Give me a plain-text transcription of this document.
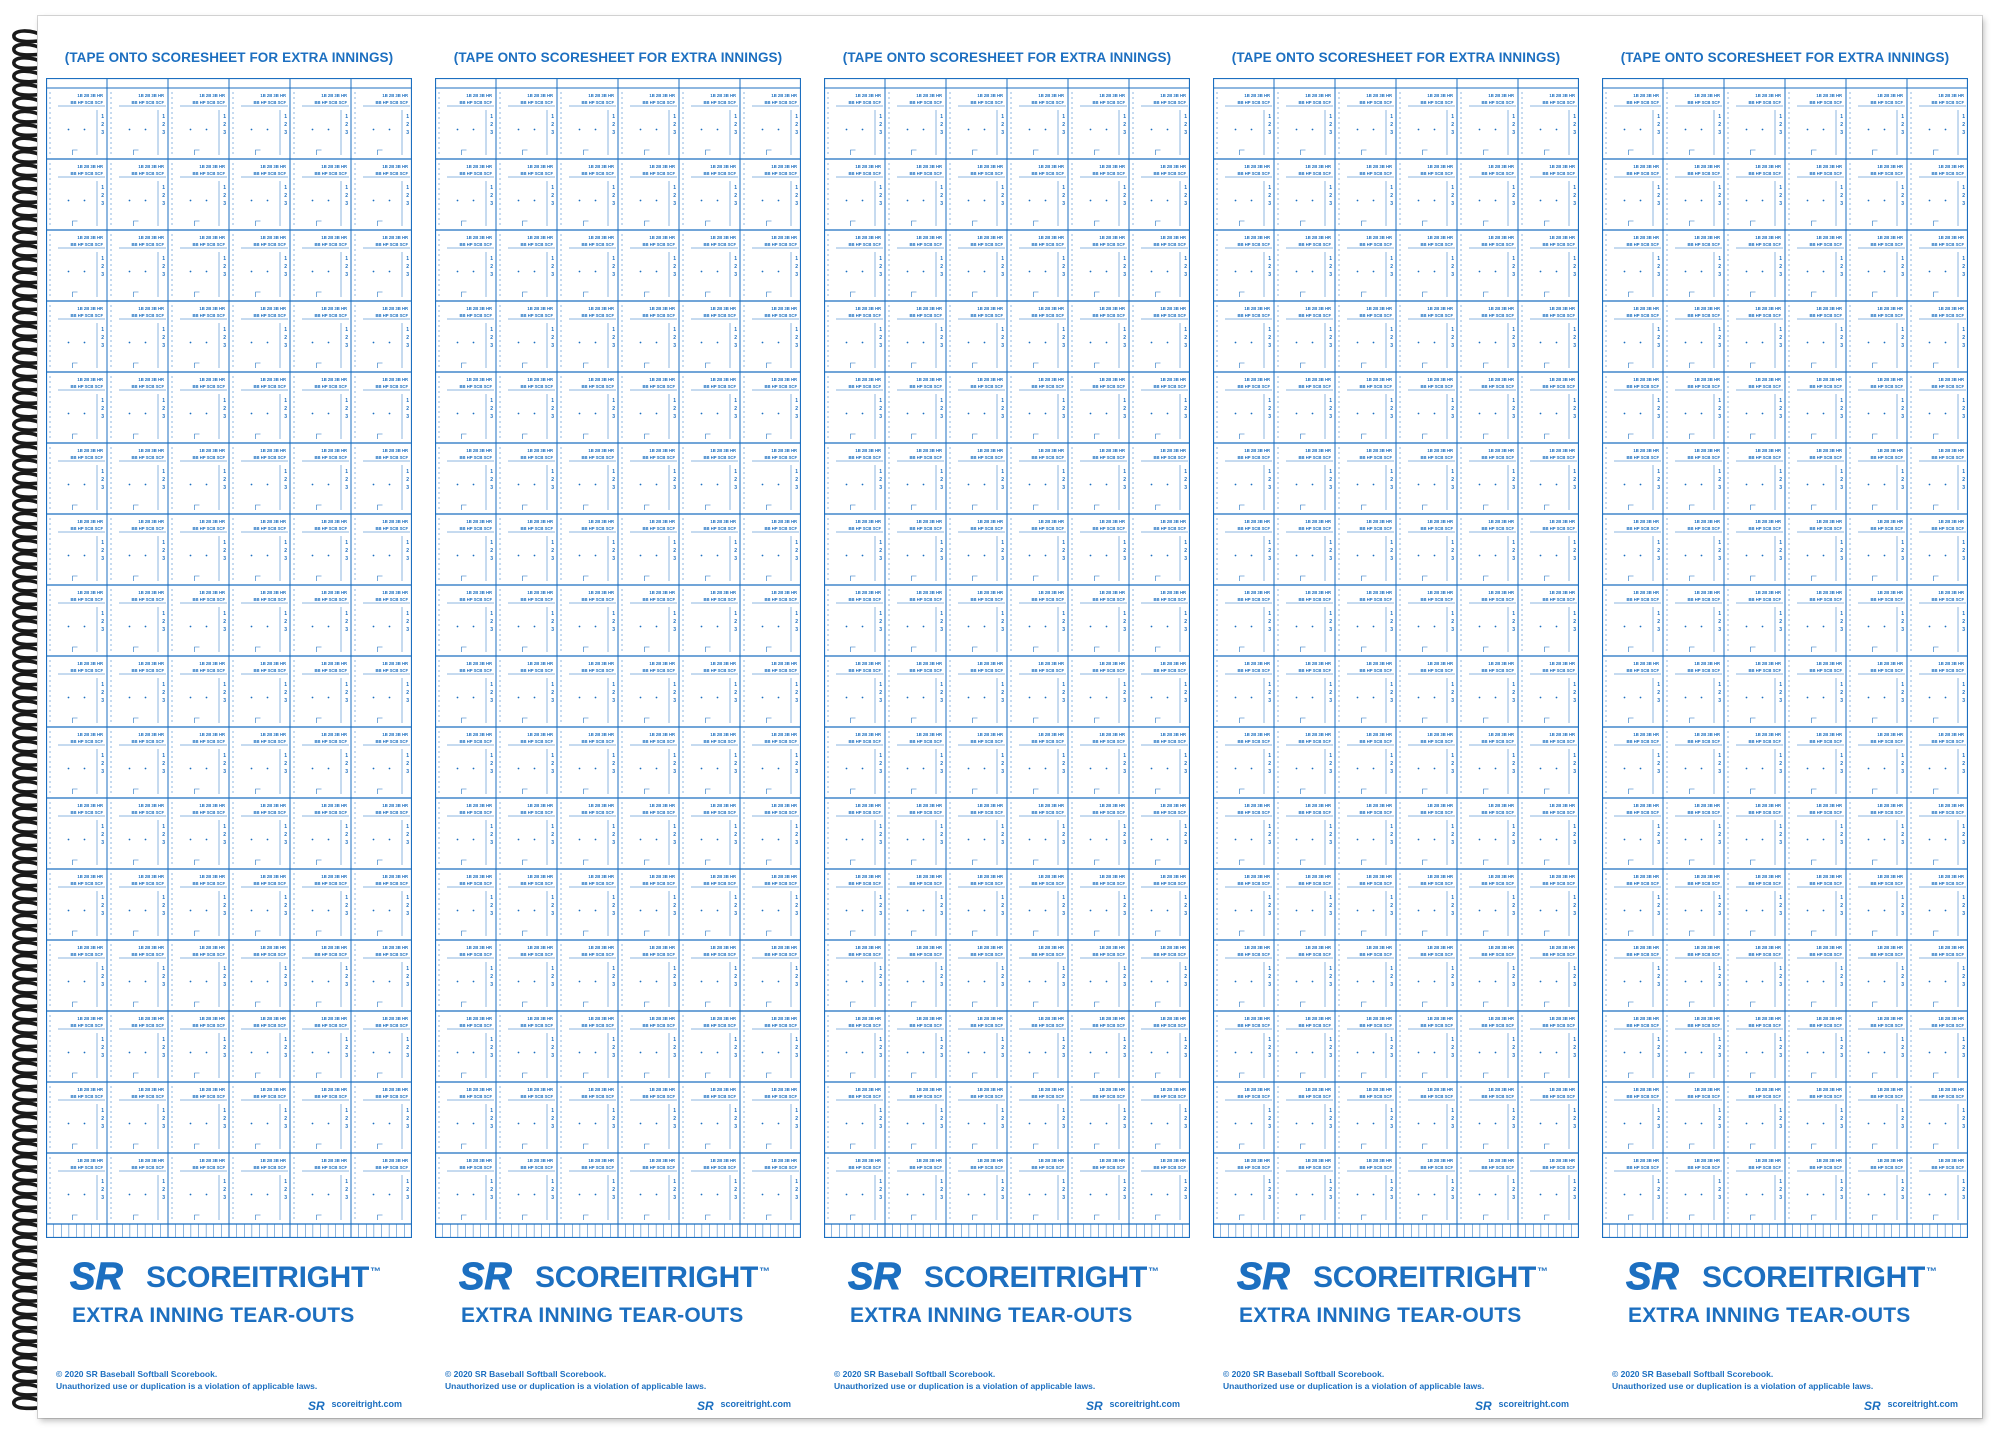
(TAPE ONTO SCORESHEET FOR EXTRA INNINGS)
1B 2B 3B HR
BB HP SCB SCF
1
2
3
1B 2B 3B HR
BB HP SCB SCF
1
2
3
1B 2B 3B HR
BB HP SCB SCF
1
2
3
1B 2B 3B HR
BB HP SCB SCF
1
2
3
1B 2B 3B HR
BB HP SCB SCF
1
2
3
1B 2B 3B HR
BB HP SCB SCF
1
2
3
1B 2B 3B HR
BB HP SCB SCF
1
2
3
1B 2B 3B HR
BB HP SCB SCF
1
2
3
1B 2B 3B HR
BB HP SCB SCF
1
2
3
1B 2B 3B HR
BB HP SCB SCF
1
2
3
1B 2B 3B HR
BB HP SCB SCF
1
2
3
1B 2B 3B HR
BB HP SCB SCF
1
2
3
1B 2B 3B HR
BB HP SCB SCF
1
2
3
1B 2B 3B HR
BB HP SCB SCF
1
2
3
1B 2B 3B HR
BB HP SCB SCF
1
2
3
1B 2B 3B HR
BB HP SCB SCF
1
2
3
1B 2B 3B HR
BB HP SCB SCF
1
2
3
1B 2B 3B HR
BB HP SCB SCF
1
2
3
1B 2B 3B HR
BB HP SCB SCF
1
2
3
1B 2B 3B HR
BB HP SCB SCF
1
2
3
1B 2B 3B HR
BB HP SCB SCF
1
2
3
1B 2B 3B HR
BB HP SCB SCF
1
2
3
1B 2B 3B HR
BB HP SCB SCF
1
2
3
1B 2B 3B HR
BB HP SCB SCF
1
2
3
1B 2B 3B HR
BB HP SCB SCF
1
2
3
1B 2B 3B HR
BB HP SCB SCF
1
2
3
1B 2B 3B HR
BB HP SCB SCF
1
2
3
1B 2B 3B HR
BB HP SCB SCF
1
2
3
1B 2B 3B HR
BB HP SCB SCF
1
2
3
1B 2B 3B HR
BB HP SCB SCF
1
2
3
1B 2B 3B HR
BB HP SCB SCF
1
2
3
1B 2B 3B HR
BB HP SCB SCF
1
2
3
1B 2B 3B HR
BB HP SCB SCF
1
2
3
1B 2B 3B HR
BB HP SCB SCF
1
2
3
1B 2B 3B HR
BB HP SCB SCF
1
2
3
1B 2B 3B HR
BB HP SCB SCF
1
2
3
1B 2B 3B HR
BB HP SCB SCF
1
2
3
1B 2B 3B HR
BB HP SCB SCF
1
2
3
1B 2B 3B HR
BB HP SCB SCF
1
2
3
1B 2B 3B HR
BB HP SCB SCF
1
2
3
1B 2B 3B HR
BB HP SCB SCF
1
2
3
1B 2B 3B HR
BB HP SCB SCF
1
2
3
1B 2B 3B HR
BB HP SCB SCF
1
2
3
1B 2B 3B HR
BB HP SCB SCF
1
2
3
1B 2B 3B HR
BB HP SCB SCF
1
2
3
1B 2B 3B HR
BB HP SCB SCF
1
2
3
1B 2B 3B HR
BB HP SCB SCF
1
2
3
1B 2B 3B HR
BB HP SCB SCF
1
2
3
1B 2B 3B HR
BB HP SCB SCF
1
2
3
1B 2B 3B HR
BB HP SCB SCF
1
2
3
1B 2B 3B HR
BB HP SCB SCF
1
2
3
1B 2B 3B HR
BB HP SCB SCF
1
2
3
1B 2B 3B HR
BB HP SCB SCF
1
2
3
1B 2B 3B HR
BB HP SCB SCF
1
2
3
1B 2B 3B HR
BB HP SCB SCF
1
2
3
1B 2B 3B HR
BB HP SCB SCF
1
2
3
1B 2B 3B HR
BB HP SCB SCF
1
2
3
1B 2B 3B HR
BB HP SCB SCF
1
2
3
1B 2B 3B HR
BB HP SCB SCF
1
2
3
1B 2B 3B HR
BB HP SCB SCF
1
2
3
1B 2B 3B HR
BB HP SCB SCF
1
2
3
1B 2B 3B HR
BB HP SCB SCF
1
2
3
1B 2B 3B HR
BB HP SCB SCF
1
2
3
1B 2B 3B HR
BB HP SCB SCF
1
2
3
1B 2B 3B HR
BB HP SCB SCF
1
2
3
1B 2B 3B HR
BB HP SCB SCF
1
2
3
1B 2B 3B HR
BB HP SCB SCF
1
2
3
1B 2B 3B HR
BB HP SCB SCF
1
2
3
1B 2B 3B HR
BB HP SCB SCF
1
2
3
1B 2B 3B HR
BB HP SCB SCF
1
2
3
1B 2B 3B HR
BB HP SCB SCF
1
2
3
1B 2B 3B HR
BB HP SCB SCF
1
2
3
1B 2B 3B HR
BB HP SCB SCF
1
2
3
1B 2B 3B HR
BB HP SCB SCF
1
2
3
1B 2B 3B HR
BB HP SCB SCF
1
2
3
1B 2B 3B HR
BB HP SCB SCF
1
2
3
1B 2B 3B HR
BB HP SCB SCF
1
2
3
1B 2B 3B HR
BB HP SCB SCF
1
2
3
1B 2B 3B HR
BB HP SCB SCF
1
2
3
1B 2B 3B HR
BB HP SCB SCF
1
2
3
1B 2B 3B HR
BB HP SCB SCF
1
2
3
1B 2B 3B HR
BB HP SCB SCF
1
2
3
1B 2B 3B HR
BB HP SCB SCF
1
2
3
1B 2B 3B HR
BB HP SCB SCF
1
2
3
1B 2B 3B HR
BB HP SCB SCF
1
2
3
1B 2B 3B HR
BB HP SCB SCF
1
2
3
1B 2B 3B HR
BB HP SCB SCF
1
2
3
1B 2B 3B HR
BB HP SCB SCF
1
2
3
1B 2B 3B HR
BB HP SCB SCF
1
2
3
1B 2B 3B HR
BB HP SCB SCF
1
2
3
1B 2B 3B HR
BB HP SCB SCF
1
2
3
1B 2B 3B HR
BB HP SCB SCF
1
2
3
1B 2B 3B HR
BB HP SCB SCF
1
2
3
1B 2B 3B HR
BB HP SCB SCF
1
2
3
1B 2B 3B HR
BB HP SCB SCF
1
2
3
1B 2B 3B HR
BB HP SCB SCF
1
2
3
SR SCOREITRIGHT™
EXTRA INNING TEAR-OUTS
© 2020 SR Baseball Softball Scorebook.
Unauthorized use or duplication is a violation of applicable laws.
SR scoreitright.com
(TAPE ONTO SCORESHEET FOR EXTRA INNINGS)
1B 2B 3B HR
BB HP SCB SCF
1
2
3
1B 2B 3B HR
BB HP SCB SCF
1
2
3
1B 2B 3B HR
BB HP SCB SCF
1
2
3
1B 2B 3B HR
BB HP SCB SCF
1
2
3
1B 2B 3B HR
BB HP SCB SCF
1
2
3
1B 2B 3B HR
BB HP SCB SCF
1
2
3
1B 2B 3B HR
BB HP SCB SCF
1
2
3
1B 2B 3B HR
BB HP SCB SCF
1
2
3
1B 2B 3B HR
BB HP SCB SCF
1
2
3
1B 2B 3B HR
BB HP SCB SCF
1
2
3
1B 2B 3B HR
BB HP SCB SCF
1
2
3
1B 2B 3B HR
BB HP SCB SCF
1
2
3
1B 2B 3B HR
BB HP SCB SCF
1
2
3
1B 2B 3B HR
BB HP SCB SCF
1
2
3
1B 2B 3B HR
BB HP SCB SCF
1
2
3
1B 2B 3B HR
BB HP SCB SCF
1
2
3
1B 2B 3B HR
BB HP SCB SCF
1
2
3
1B 2B 3B HR
BB HP SCB SCF
1
2
3
1B 2B 3B HR
BB HP SCB SCF
1
2
3
1B 2B 3B HR
BB HP SCB SCF
1
2
3
1B 2B 3B HR
BB HP SCB SCF
1
2
3
1B 2B 3B HR
BB HP SCB SCF
1
2
3
1B 2B 3B HR
BB HP SCB SCF
1
2
3
1B 2B 3B HR
BB HP SCB SCF
1
2
3
1B 2B 3B HR
BB HP SCB SCF
1
2
3
1B 2B 3B HR
BB HP SCB SCF
1
2
3
1B 2B 3B HR
BB HP SCB SCF
1
2
3
1B 2B 3B HR
BB HP SCB SCF
1
2
3
1B 2B 3B HR
BB HP SCB SCF
1
2
3
1B 2B 3B HR
BB HP SCB SCF
1
2
3
1B 2B 3B HR
BB HP SCB SCF
1
2
3
1B 2B 3B HR
BB HP SCB SCF
1
2
3
1B 2B 3B HR
BB HP SCB SCF
1
2
3
1B 2B 3B HR
BB HP SCB SCF
1
2
3
1B 2B 3B HR
BB HP SCB SCF
1
2
3
1B 2B 3B HR
BB HP SCB SCF
1
2
3
1B 2B 3B HR
BB HP SCB SCF
1
2
3
1B 2B 3B HR
BB HP SCB SCF
1
2
3
1B 2B 3B HR
BB HP SCB SCF
1
2
3
1B 2B 3B HR
BB HP SCB SCF
1
2
3
1B 2B 3B HR
BB HP SCB SCF
1
2
3
1B 2B 3B HR
BB HP SCB SCF
1
2
3
1B 2B 3B HR
BB HP SCB SCF
1
2
3
1B 2B 3B HR
BB HP SCB SCF
1
2
3
1B 2B 3B HR
BB HP SCB SCF
1
2
3
1B 2B 3B HR
BB HP SCB SCF
1
2
3
1B 2B 3B HR
BB HP SCB SCF
1
2
3
1B 2B 3B HR
BB HP SCB SCF
1
2
3
1B 2B 3B HR
BB HP SCB SCF
1
2
3
1B 2B 3B HR
BB HP SCB SCF
1
2
3
1B 2B 3B HR
BB HP SCB SCF
1
2
3
1B 2B 3B HR
BB HP SCB SCF
1
2
3
1B 2B 3B HR
BB HP SCB SCF
1
2
3
1B 2B 3B HR
BB HP SCB SCF
1
2
3
1B 2B 3B HR
BB HP SCB SCF
1
2
3
1B 2B 3B HR
BB HP SCB SCF
1
2
3
1B 2B 3B HR
BB HP SCB SCF
1
2
3
1B 2B 3B HR
BB HP SCB SCF
1
2
3
1B 2B 3B HR
BB HP SCB SCF
1
2
3
1B 2B 3B HR
BB HP SCB SCF
1
2
3
1B 2B 3B HR
BB HP SCB SCF
1
2
3
1B 2B 3B HR
BB HP SCB SCF
1
2
3
1B 2B 3B HR
BB HP SCB SCF
1
2
3
1B 2B 3B HR
BB HP SCB SCF
1
2
3
1B 2B 3B HR
BB HP SCB SCF
1
2
3
1B 2B 3B HR
BB HP SCB SCF
1
2
3
1B 2B 3B HR
BB HP SCB SCF
1
2
3
1B 2B 3B HR
BB HP SCB SCF
1
2
3
1B 2B 3B HR
BB HP SCB SCF
1
2
3
1B 2B 3B HR
BB HP SCB SCF
1
2
3
1B 2B 3B HR
BB HP SCB SCF
1
2
3
1B 2B 3B HR
BB HP SCB SCF
1
2
3
1B 2B 3B HR
BB HP SCB SCF
1
2
3
1B 2B 3B HR
BB HP SCB SCF
1
2
3
1B 2B 3B HR
BB HP SCB SCF
1
2
3
1B 2B 3B HR
BB HP SCB SCF
1
2
3
1B 2B 3B HR
BB HP SCB SCF
1
2
3
1B 2B 3B HR
BB HP SCB SCF
1
2
3
1B 2B 3B HR
BB HP SCB SCF
1
2
3
1B 2B 3B HR
BB HP SCB SCF
1
2
3
1B 2B 3B HR
BB HP SCB SCF
1
2
3
1B 2B 3B HR
BB HP SCB SCF
1
2
3
1B 2B 3B HR
BB HP SCB SCF
1
2
3
1B 2B 3B HR
BB HP SCB SCF
1
2
3
1B 2B 3B HR
BB HP SCB SCF
1
2
3
1B 2B 3B HR
BB HP SCB SCF
1
2
3
1B 2B 3B HR
BB HP SCB SCF
1
2
3
1B 2B 3B HR
BB HP SCB SCF
1
2
3
1B 2B 3B HR
BB HP SCB SCF
1
2
3
1B 2B 3B HR
BB HP SCB SCF
1
2
3
1B 2B 3B HR
BB HP SCB SCF
1
2
3
1B 2B 3B HR
BB HP SCB SCF
1
2
3
1B 2B 3B HR
BB HP SCB SCF
1
2
3
1B 2B 3B HR
BB HP SCB SCF
1
2
3
1B 2B 3B HR
BB HP SCB SCF
1
2
3
1B 2B 3B HR
BB HP SCB SCF
1
2
3
SR SCOREITRIGHT™
EXTRA INNING TEAR-OUTS
© 2020 SR Baseball Softball Scorebook.
Unauthorized use or duplication is a violation of applicable laws.
SR scoreitright.com
(TAPE ONTO SCORESHEET FOR EXTRA INNINGS)
1B 2B 3B HR
BB HP SCB SCF
1
2
3
1B 2B 3B HR
BB HP SCB SCF
1
2
3
1B 2B 3B HR
BB HP SCB SCF
1
2
3
1B 2B 3B HR
BB HP SCB SCF
1
2
3
1B 2B 3B HR
BB HP SCB SCF
1
2
3
1B 2B 3B HR
BB HP SCB SCF
1
2
3
1B 2B 3B HR
BB HP SCB SCF
1
2
3
1B 2B 3B HR
BB HP SCB SCF
1
2
3
1B 2B 3B HR
BB HP SCB SCF
1
2
3
1B 2B 3B HR
BB HP SCB SCF
1
2
3
1B 2B 3B HR
BB HP SCB SCF
1
2
3
1B 2B 3B HR
BB HP SCB SCF
1
2
3
1B 2B 3B HR
BB HP SCB SCF
1
2
3
1B 2B 3B HR
BB HP SCB SCF
1
2
3
1B 2B 3B HR
BB HP SCB SCF
1
2
3
1B 2B 3B HR
BB HP SCB SCF
1
2
3
1B 2B 3B HR
BB HP SCB SCF
1
2
3
1B 2B 3B HR
BB HP SCB SCF
1
2
3
1B 2B 3B HR
BB HP SCB SCF
1
2
3
1B 2B 3B HR
BB HP SCB SCF
1
2
3
1B 2B 3B HR
BB HP SCB SCF
1
2
3
1B 2B 3B HR
BB HP SCB SCF
1
2
3
1B 2B 3B HR
BB HP SCB SCF
1
2
3
1B 2B 3B HR
BB HP SCB SCF
1
2
3
1B 2B 3B HR
BB HP SCB SCF
1
2
3
1B 2B 3B HR
BB HP SCB SCF
1
2
3
1B 2B 3B HR
BB HP SCB SCF
1
2
3
1B 2B 3B HR
BB HP SCB SCF
1
2
3
1B 2B 3B HR
BB HP SCB SCF
1
2
3
1B 2B 3B HR
BB HP SCB SCF
1
2
3
1B 2B 3B HR
BB HP SCB SCF
1
2
3
1B 2B 3B HR
BB HP SCB SCF
1
2
3
1B 2B 3B HR
BB HP SCB SCF
1
2
3
1B 2B 3B HR
BB HP SCB SCF
1
2
3
1B 2B 3B HR
BB HP SCB SCF
1
2
3
1B 2B 3B HR
BB HP SCB SCF
1
2
3
1B 2B 3B HR
BB HP SCB SCF
1
2
3
1B 2B 3B HR
BB HP SCB SCF
1
2
3
1B 2B 3B HR
BB HP SCB SCF
1
2
3
1B 2B 3B HR
BB HP SCB SCF
1
2
3
1B 2B 3B HR
BB HP SCB SCF
1
2
3
1B 2B 3B HR
BB HP SCB SCF
1
2
3
1B 2B 3B HR
BB HP SCB SCF
1
2
3
1B 2B 3B HR
BB HP SCB SCF
1
2
3
1B 2B 3B HR
BB HP SCB SCF
1
2
3
1B 2B 3B HR
BB HP SCB SCF
1
2
3
1B 2B 3B HR
BB HP SCB SCF
1
2
3
1B 2B 3B HR
BB HP SCB SCF
1
2
3
1B 2B 3B HR
BB HP SCB SCF
1
2
3
1B 2B 3B HR
BB HP SCB SCF
1
2
3
1B 2B 3B HR
BB HP SCB SCF
1
2
3
1B 2B 3B HR
BB HP SCB SCF
1
2
3
1B 2B 3B HR
BB HP SCB SCF
1
2
3
1B 2B 3B HR
BB HP SCB SCF
1
2
3
1B 2B 3B HR
BB HP SCB SCF
1
2
3
1B 2B 3B HR
BB HP SCB SCF
1
2
3
1B 2B 3B HR
BB HP SCB SCF
1
2
3
1B 2B 3B HR
BB HP SCB SCF
1
2
3
1B 2B 3B HR
BB HP SCB SCF
1
2
3
1B 2B 3B HR
BB HP SCB SCF
1
2
3
1B 2B 3B HR
BB HP SCB SCF
1
2
3
1B 2B 3B HR
BB HP SCB SCF
1
2
3
1B 2B 3B HR
BB HP SCB SCF
1
2
3
1B 2B 3B HR
BB HP SCB SCF
1
2
3
1B 2B 3B HR
BB HP SCB SCF
1
2
3
1B 2B 3B HR
BB HP SCB SCF
1
2
3
1B 2B 3B HR
BB HP SCB SCF
1
2
3
1B 2B 3B HR
BB HP SCB SCF
1
2
3
1B 2B 3B HR
BB HP SCB SCF
1
2
3
1B 2B 3B HR
BB HP SCB SCF
1
2
3
1B 2B 3B HR
BB HP SCB SCF
1
2
3
1B 2B 3B HR
BB HP SCB SCF
1
2
3
1B 2B 3B HR
BB HP SCB SCF
1
2
3
1B 2B 3B HR
BB HP SCB SCF
1
2
3
1B 2B 3B HR
BB HP SCB SCF
1
2
3
1B 2B 3B HR
BB HP SCB SCF
1
2
3
1B 2B 3B HR
BB HP SCB SCF
1
2
3
1B 2B 3B HR
BB HP SCB SCF
1
2
3
1B 2B 3B HR
BB HP SCB SCF
1
2
3
1B 2B 3B HR
BB HP SCB SCF
1
2
3
1B 2B 3B HR
BB HP SCB SCF
1
2
3
1B 2B 3B HR
BB HP SCB SCF
1
2
3
1B 2B 3B HR
BB HP SCB SCF
1
2
3
1B 2B 3B HR
BB HP SCB SCF
1
2
3
1B 2B 3B HR
BB HP SCB SCF
1
2
3
1B 2B 3B HR
BB HP SCB SCF
1
2
3
1B 2B 3B HR
BB HP SCB SCF
1
2
3
1B 2B 3B HR
BB HP SCB SCF
1
2
3
1B 2B 3B HR
BB HP SCB SCF
1
2
3
1B 2B 3B HR
BB HP SCB SCF
1
2
3
1B 2B 3B HR
BB HP SCB SCF
1
2
3
1B 2B 3B HR
BB HP SCB SCF
1
2
3
1B 2B 3B HR
BB HP SCB SCF
1
2
3
1B 2B 3B HR
BB HP SCB SCF
1
2
3
1B 2B 3B HR
BB HP SCB SCF
1
2
3
1B 2B 3B HR
BB HP SCB SCF
1
2
3
SR SCOREITRIGHT™
EXTRA INNING TEAR-OUTS
© 2020 SR Baseball Softball Scorebook.
Unauthorized use or duplication is a violation of applicable laws.
SR scoreitright.com
(TAPE ONTO SCORESHEET FOR EXTRA INNINGS)
1B 2B 3B HR
BB HP SCB SCF
1
2
3
1B 2B 3B HR
BB HP SCB SCF
1
2
3
1B 2B 3B HR
BB HP SCB SCF
1
2
3
1B 2B 3B HR
BB HP SCB SCF
1
2
3
1B 2B 3B HR
BB HP SCB SCF
1
2
3
1B 2B 3B HR
BB HP SCB SCF
1
2
3
1B 2B 3B HR
BB HP SCB SCF
1
2
3
1B 2B 3B HR
BB HP SCB SCF
1
2
3
1B 2B 3B HR
BB HP SCB SCF
1
2
3
1B 2B 3B HR
BB HP SCB SCF
1
2
3
1B 2B 3B HR
BB HP SCB SCF
1
2
3
1B 2B 3B HR
BB HP SCB SCF
1
2
3
1B 2B 3B HR
BB HP SCB SCF
1
2
3
1B 2B 3B HR
BB HP SCB SCF
1
2
3
1B 2B 3B HR
BB HP SCB SCF
1
2
3
1B 2B 3B HR
BB HP SCB SCF
1
2
3
1B 2B 3B HR
BB HP SCB SCF
1
2
3
1B 2B 3B HR
BB HP SCB SCF
1
2
3
1B 2B 3B HR
BB HP SCB SCF
1
2
3
1B 2B 3B HR
BB HP SCB SCF
1
2
3
1B 2B 3B HR
BB HP SCB SCF
1
2
3
1B 2B 3B HR
BB HP SCB SCF
1
2
3
1B 2B 3B HR
BB HP SCB SCF
1
2
3
1B 2B 3B HR
BB HP SCB SCF
1
2
3
1B 2B 3B HR
BB HP SCB SCF
1
2
3
1B 2B 3B HR
BB HP SCB SCF
1
2
3
1B 2B 3B HR
BB HP SCB SCF
1
2
3
1B 2B 3B HR
BB HP SCB SCF
1
2
3
1B 2B 3B HR
BB HP SCB SCF
1
2
3
1B 2B 3B HR
BB HP SCB SCF
1
2
3
1B 2B 3B HR
BB HP SCB SCF
1
2
3
1B 2B 3B HR
BB HP SCB SCF
1
2
3
1B 2B 3B HR
BB HP SCB SCF
1
2
3
1B 2B 3B HR
BB HP SCB SCF
1
2
3
1B 2B 3B HR
BB HP SCB SCF
1
2
3
1B 2B 3B HR
BB HP SCB SCF
1
2
3
1B 2B 3B HR
BB HP SCB SCF
1
2
3
1B 2B 3B HR
BB HP SCB SCF
1
2
3
1B 2B 3B HR
BB HP SCB SCF
1
2
3
1B 2B 3B HR
BB HP SCB SCF
1
2
3
1B 2B 3B HR
BB HP SCB SCF
1
2
3
1B 2B 3B HR
BB HP SCB SCF
1
2
3
1B 2B 3B HR
BB HP SCB SCF
1
2
3
1B 2B 3B HR
BB HP SCB SCF
1
2
3
1B 2B 3B HR
BB HP SCB SCF
1
2
3
1B 2B 3B HR
BB HP SCB SCF
1
2
3
1B 2B 3B HR
BB HP SCB SCF
1
2
3
1B 2B 3B HR
BB HP SCB SCF
1
2
3
1B 2B 3B HR
BB HP SCB SCF
1
2
3
1B 2B 3B HR
BB HP SCB SCF
1
2
3
1B 2B 3B HR
BB HP SCB SCF
1
2
3
1B 2B 3B HR
BB HP SCB SCF
1
2
3
1B 2B 3B HR
BB HP SCB SCF
1
2
3
1B 2B 3B HR
BB HP SCB SCF
1
2
3
1B 2B 3B HR
BB HP SCB SCF
1
2
3
1B 2B 3B HR
BB HP SCB SCF
1
2
3
1B 2B 3B HR
BB HP SCB SCF
1
2
3
1B 2B 3B HR
BB HP SCB SCF
1
2
3
1B 2B 3B HR
BB HP SCB SCF
1
2
3
1B 2B 3B HR
BB HP SCB SCF
1
2
3
1B 2B 3B HR
BB HP SCB SCF
1
2
3
1B 2B 3B HR
BB HP SCB SCF
1
2
3
1B 2B 3B HR
BB HP SCB SCF
1
2
3
1B 2B 3B HR
BB HP SCB SCF
1
2
3
1B 2B 3B HR
BB HP SCB SCF
1
2
3
1B 2B 3B HR
BB HP SCB SCF
1
2
3
1B 2B 3B HR
BB HP SCB SCF
1
2
3
1B 2B 3B HR
BB HP SCB SCF
1
2
3
1B 2B 3B HR
BB HP SCB SCF
1
2
3
1B 2B 3B HR
BB HP SCB SCF
1
2
3
1B 2B 3B HR
BB HP SCB SCF
1
2
3
1B 2B 3B HR
BB HP SCB SCF
1
2
3
1B 2B 3B HR
BB HP SCB SCF
1
2
3
1B 2B 3B HR
BB HP SCB SCF
1
2
3
1B 2B 3B HR
BB HP SCB SCF
1
2
3
1B 2B 3B HR
BB HP SCB SCF
1
2
3
1B 2B 3B HR
BB HP SCB SCF
1
2
3
1B 2B 3B HR
BB HP SCB SCF
1
2
3
1B 2B 3B HR
BB HP SCB SCF
1
2
3
1B 2B 3B HR
BB HP SCB SCF
1
2
3
1B 2B 3B HR
BB HP SCB SCF
1
2
3
1B 2B 3B HR
BB HP SCB SCF
1
2
3
1B 2B 3B HR
BB HP SCB SCF
1
2
3
1B 2B 3B HR
BB HP SCB SCF
1
2
3
1B 2B 3B HR
BB HP SCB SCF
1
2
3
1B 2B 3B HR
BB HP SCB SCF
1
2
3
1B 2B 3B HR
BB HP SCB SCF
1
2
3
1B 2B 3B HR
BB HP SCB SCF
1
2
3
1B 2B 3B HR
BB HP SCB SCF
1
2
3
1B 2B 3B HR
BB HP SCB SCF
1
2
3
1B 2B 3B HR
BB HP SCB SCF
1
2
3
1B 2B 3B HR
BB HP SCB SCF
1
2
3
1B 2B 3B HR
BB HP SCB SCF
1
2
3
1B 2B 3B HR
BB HP SCB SCF
1
2
3
1B 2B 3B HR
BB HP SCB SCF
1
2
3
1B 2B 3B HR
BB HP SCB SCF
1
2
3
SR SCOREITRIGHT™
EXTRA INNING TEAR-OUTS
© 2020 SR Baseball Softball Scorebook.
Unauthorized use or duplication is a violation of applicable laws.
SR scoreitright.com
(TAPE ONTO SCORESHEET FOR EXTRA INNINGS)
1B 2B 3B HR
BB HP SCB SCF
1
2
3
1B 2B 3B HR
BB HP SCB SCF
1
2
3
1B 2B 3B HR
BB HP SCB SCF
1
2
3
1B 2B 3B HR
BB HP SCB SCF
1
2
3
1B 2B 3B HR
BB HP SCB SCF
1
2
3
1B 2B 3B HR
BB HP SCB SCF
1
2
3
1B 2B 3B HR
BB HP SCB SCF
1
2
3
1B 2B 3B HR
BB HP SCB SCF
1
2
3
1B 2B 3B HR
BB HP SCB SCF
1
2
3
1B 2B 3B HR
BB HP SCB SCF
1
2
3
1B 2B 3B HR
BB HP SCB SCF
1
2
3
1B 2B 3B HR
BB HP SCB SCF
1
2
3
1B 2B 3B HR
BB HP SCB SCF
1
2
3
1B 2B 3B HR
BB HP SCB SCF
1
2
3
1B 2B 3B HR
BB HP SCB SCF
1
2
3
1B 2B 3B HR
BB HP SCB SCF
1
2
3
1B 2B 3B HR
BB HP SCB SCF
1
2
3
1B 2B 3B HR
BB HP SCB SCF
1
2
3
1B 2B 3B HR
BB HP SCB SCF
1
2
3
1B 2B 3B HR
BB HP SCB SCF
1
2
3
1B 2B 3B HR
BB HP SCB SCF
1
2
3
1B 2B 3B HR
BB HP SCB SCF
1
2
3
1B 2B 3B HR
BB HP SCB SCF
1
2
3
1B 2B 3B HR
BB HP SCB SCF
1
2
3
1B 2B 3B HR
BB HP SCB SCF
1
2
3
1B 2B 3B HR
BB HP SCB SCF
1
2
3
1B 2B 3B HR
BB HP SCB SCF
1
2
3
1B 2B 3B HR
BB HP SCB SCF
1
2
3
1B 2B 3B HR
BB HP SCB SCF
1
2
3
1B 2B 3B HR
BB HP SCB SCF
1
2
3
1B 2B 3B HR
BB HP SCB SCF
1
2
3
1B 2B 3B HR
BB HP SCB SCF
1
2
3
1B 2B 3B HR
BB HP SCB SCF
1
2
3
1B 2B 3B HR
BB HP SCB SCF
1
2
3
1B 2B 3B HR
BB HP SCB SCF
1
2
3
1B 2B 3B HR
BB HP SCB SCF
1
2
3
1B 2B 3B HR
BB HP SCB SCF
1
2
3
1B 2B 3B HR
BB HP SCB SCF
1
2
3
1B 2B 3B HR
BB HP SCB SCF
1
2
3
1B 2B 3B HR
BB HP SCB SCF
1
2
3
1B 2B 3B HR
BB HP SCB SCF
1
2
3
1B 2B 3B HR
BB HP SCB SCF
1
2
3
1B 2B 3B HR
BB HP SCB SCF
1
2
3
1B 2B 3B HR
BB HP SCB SCF
1
2
3
1B 2B 3B HR
BB HP SCB SCF
1
2
3
1B 2B 3B HR
BB HP SCB SCF
1
2
3
1B 2B 3B HR
BB HP SCB SCF
1
2
3
1B 2B 3B HR
BB HP SCB SCF
1
2
3
1B 2B 3B HR
BB HP SCB SCF
1
2
3
1B 2B 3B HR
BB HP SCB SCF
1
2
3
1B 2B 3B HR
BB HP SCB SCF
1
2
3
1B 2B 3B HR
BB HP SCB SCF
1
2
3
1B 2B 3B HR
BB HP SCB SCF
1
2
3
1B 2B 3B HR
BB HP SCB SCF
1
2
3
1B 2B 3B HR
BB HP SCB SCF
1
2
3
1B 2B 3B HR
BB HP SCB SCF
1
2
3
1B 2B 3B HR
BB HP SCB SCF
1
2
3
1B 2B 3B HR
BB HP SCB SCF
1
2
3
1B 2B 3B HR
BB HP SCB SCF
1
2
3
1B 2B 3B HR
BB HP SCB SCF
1
2
3
1B 2B 3B HR
BB HP SCB SCF
1
2
3
1B 2B 3B HR
BB HP SCB SCF
1
2
3
1B 2B 3B HR
BB HP SCB SCF
1
2
3
1B 2B 3B HR
BB HP SCB SCF
1
2
3
1B 2B 3B HR
BB HP SCB SCF
1
2
3
1B 2B 3B HR
BB HP SCB SCF
1
2
3
1B 2B 3B HR
BB HP SCB SCF
1
2
3
1B 2B 3B HR
BB HP SCB SCF
1
2
3
1B 2B 3B HR
BB HP SCB SCF
1
2
3
1B 2B 3B HR
BB HP SCB SCF
1
2
3
1B 2B 3B HR
BB HP SCB SCF
1
2
3
1B 2B 3B HR
BB HP SCB SCF
1
2
3
1B 2B 3B HR
BB HP SCB SCF
1
2
3
1B 2B 3B HR
BB HP SCB SCF
1
2
3
1B 2B 3B HR
BB HP SCB SCF
1
2
3
1B 2B 3B HR
BB HP SCB SCF
1
2
3
1B 2B 3B HR
BB HP SCB SCF
1
2
3
1B 2B 3B HR
BB HP SCB SCF
1
2
3
1B 2B 3B HR
BB HP SCB SCF
1
2
3
1B 2B 3B HR
BB HP SCB SCF
1
2
3
1B 2B 3B HR
BB HP SCB SCF
1
2
3
1B 2B 3B HR
BB HP SCB SCF
1
2
3
1B 2B 3B HR
BB HP SCB SCF
1
2
3
1B 2B 3B HR
BB HP SCB SCF
1
2
3
1B 2B 3B HR
BB HP SCB SCF
1
2
3
1B 2B 3B HR
BB HP SCB SCF
1
2
3
1B 2B 3B HR
BB HP SCB SCF
1
2
3
1B 2B 3B HR
BB HP SCB SCF
1
2
3
1B 2B 3B HR
BB HP SCB SCF
1
2
3
1B 2B 3B HR
BB HP SCB SCF
1
2
3
1B 2B 3B HR
BB HP SCB SCF
1
2
3
1B 2B 3B HR
BB HP SCB SCF
1
2
3
1B 2B 3B HR
BB HP SCB SCF
1
2
3
1B 2B 3B HR
BB HP SCB SCF
1
2
3
1B 2B 3B HR
BB HP SCB SCF
1
2
3
1B 2B 3B HR
BB HP SCB SCF
1
2
3
SR SCOREITRIGHT™
EXTRA INNING TEAR-OUTS
© 2020 SR Baseball Softball Scorebook.
Unauthorized use or duplication is a violation of applicable laws.
SR scoreitright.com
